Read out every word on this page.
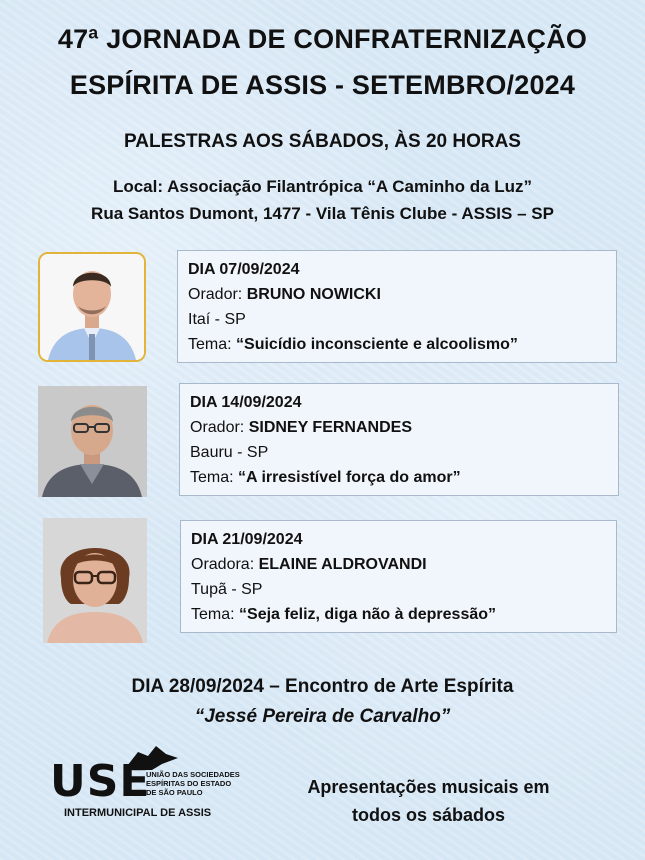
47ª JORNADA DE CONFRATERNIZAÇÃO
ESPÍRITA DE ASSIS - SETEMBRO/2024
PALESTRAS AOS SÁBADOS, ÀS 20 HORAS
Local: Associação Filantrópica “A Caminho da Luz”
Rua Santos Dumont, 1477 - Vila Tênis Clube - ASSIS – SP
DIA 07/09/2024
Orador: BRUNO NOWICKI
Itaí - SP
Tema: “Suicídio inconsciente e alcoolismo”
DIA 14/09/2024
Orador: SIDNEY FERNANDES
Bauru - SP
Tema: “A irresistível força do amor”
DIA 21/09/2024
Oradora: ELAINE ALDROVANDI
Tupã - SP
Tema: “Seja feliz, diga não à depressão”
DIA 28/09/2024 – Encontro de Arte Espírita
“Jessé Pereira de Carvalho”
USE
UNIÃO DAS SOCIEDADES
ESPÍRITAS DO ESTADO
DE SÃO PAULO
INTERMUNICIPAL DE ASSIS
Apresentações musicais em
todos os sábados
